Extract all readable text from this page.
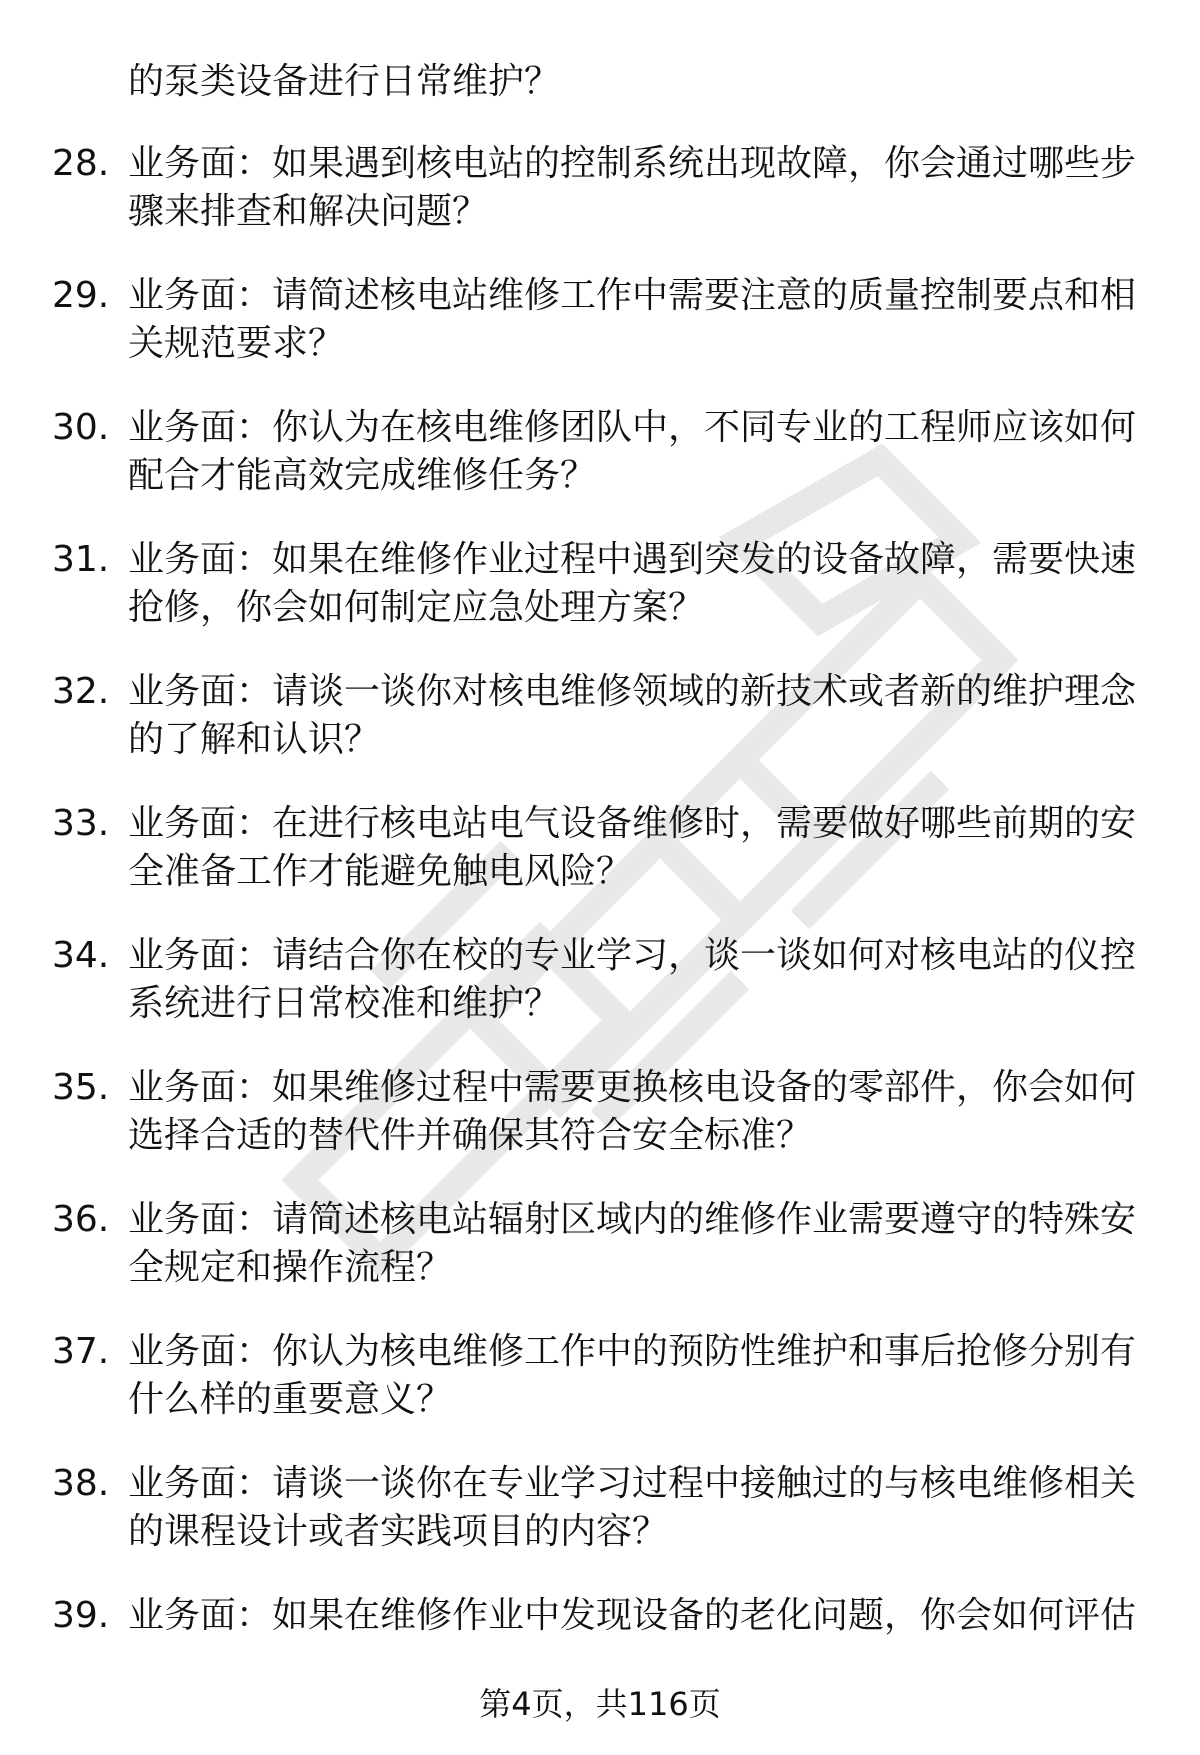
的泵类设备进行日常维护？
28. 业务面：如果遇到核电站的控制系统出现故障，你会通过哪些步
骤来排查和解决问题？
29. 业务面：请简述核电站维修工作中需要注意的质量控制要点和相
关规范要求？
30. 业务面：你认为在核电维修团队中，不同专业的工程师应该如何
配合才能高效完成维修任务？
31. 业务面：如果在维修作业过程中遇到突发的设备故障，需要快速
抢修，你会如何制定应急处理方案？
32. 业务面：请谈一谈你对核电维修领域的新技术或者新的维护理念
的了解和认识？
33. 业务面：在进行核电站电气设备维修时，需要做好哪些前期的安
全准备工作才能避免触电风险？
34. 业务面：请结合你在校的专业学习，谈一谈如何对核电站的仪控
系统进行日常校准和维护？
35. 业务面：如果维修过程中需要更换核电设备的零部件，你会如何
选择合适的替代件并确保其符合安全标准？
36. 业务面：请简述核电站辐射区域内的维修作业需要遵守的特殊安
全规定和操作流程？
37. 业务面：你认为核电维修工作中的预防性维护和事后抢修分别有
什么样的重要意义？
38. 业务面：请谈一谈你在专业学习过程中接触过的与核电维修相关
的课程设计或者实践项目的内容？
39. 业务面：如果在维修作业中发现设备的老化问题，你会如何评估
第4页，共116页
